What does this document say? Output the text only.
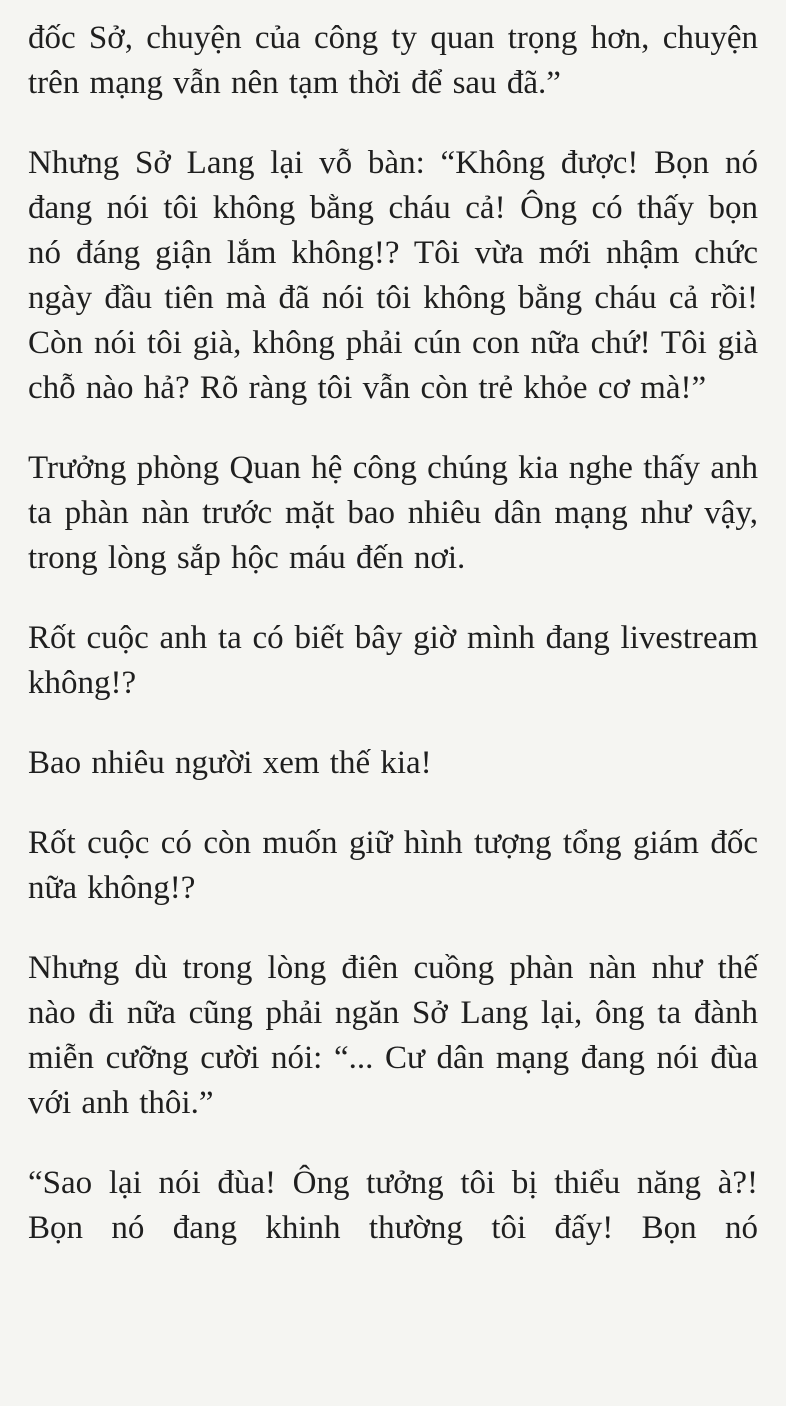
đốc Sở, chuyện của công ty quan trọng hơn, chuyện trên mạng vẫn nên tạm thời để sau đã.”

Nhưng Sở Lang lại vỗ bàn: “Không được! Bọn nó đang nói tôi không bằng cháu cả! Ông có thấy bọn nó đáng giận lắm không!? Tôi vừa mới nhậm chức ngày đầu tiên mà đã nói tôi không bằng cháu cả rồi! Còn nói tôi già, không phải cún con nữa chứ! Tôi già chỗ nào hả? Rõ ràng tôi vẫn còn trẻ khỏe cơ mà!”

Trưởng phòng Quan hệ công chúng kia nghe thấy anh ta phàn nàn trước mặt bao nhiêu dân mạng như vậy, trong lòng sắp hộc máu đến nơi.

Rốt cuộc anh ta có biết bây giờ mình đang livestream không!?

Bao nhiêu người xem thế kia!

Rốt cuộc có còn muốn giữ hình tượng tổng giám đốc nữa không!?

Nhưng dù trong lòng điên cuồng phàn nàn như thế nào đi nữa cũng phải ngăn Sở Lang lại, ông ta đành miễn cưỡng cười nói: “... Cư dân mạng đang nói đùa với anh thôi.”

“Sao lại nói đùa! Ông tưởng tôi bị thiểu năng à?! Bọn nó đang khinh thường tôi đấy! Bọn nó
